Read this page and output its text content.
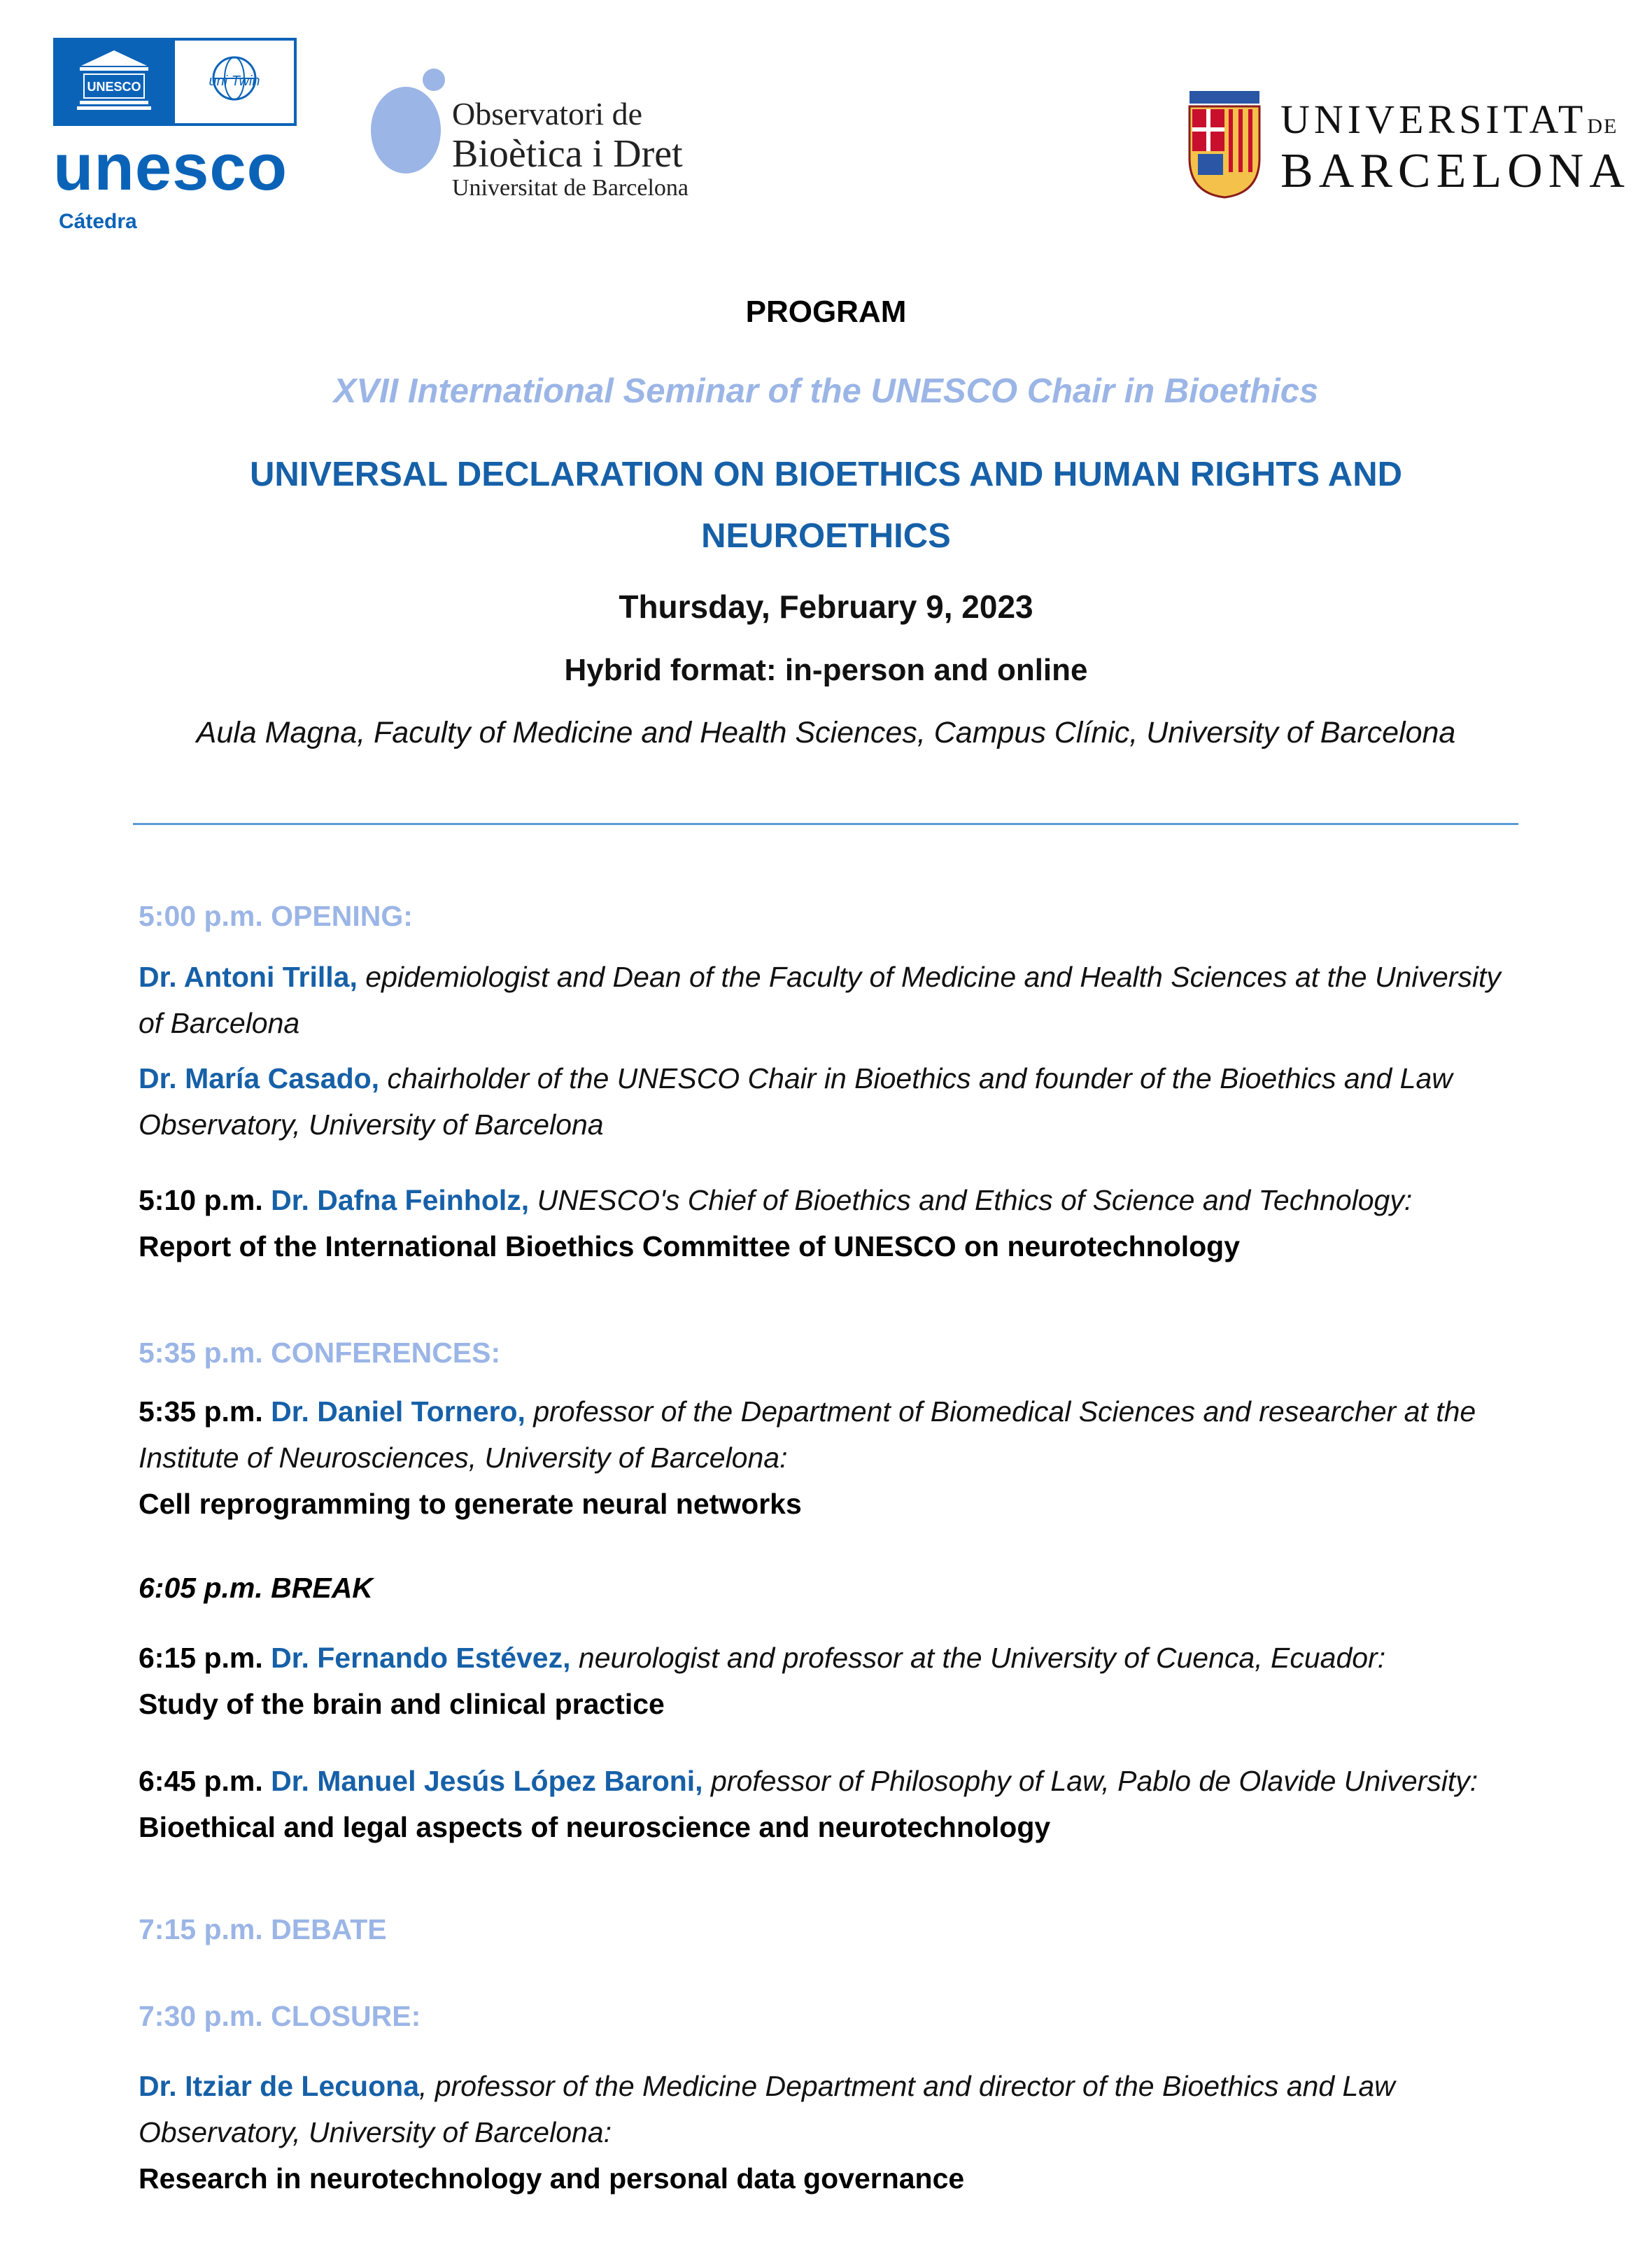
UNESCO	uni Twin
unesco
Cátedra
Observatori de
Bioètica i Dret
Universitat de Barcelona
UNIVERSITATDE
BARCELONA
PROGRAM
XVII International Seminar of the UNESCO Chair in Bioethics
UNIVERSAL DECLARATION ON BIOETHICS AND HUMAN RIGHTS AND
NEUROETHICS
Thursday, February 9, 2023
Hybrid format: in-person and online
Aula Magna, Faculty of Medicine and Health Sciences, Campus Clínic, University of Barcelona
5:00 p.m. OPENING:
Dr. Antoni Trilla, epidemiologist and Dean of the Faculty of Medicine and Health Sciences at the University of Barcelona
Dr. María Casado, chairholder of the UNESCO Chair in Bioethics and founder of the Bioethics and Law Observatory, University of Barcelona
5:10 p.m. Dr. Dafna Feinholz, UNESCO's Chief of Bioethics and Ethics of Science and Technology:
Report of the International Bioethics Committee of UNESCO on neurotechnology
5:35 p.m. CONFERENCES:
5:35 p.m. Dr. Daniel Tornero, professor of the Department of Biomedical Sciences and researcher at the Institute of Neurosciences, University of Barcelona:
Cell reprogramming to generate neural networks
6:05 p.m. BREAK
6:15 p.m. Dr. Fernando Estévez, neurologist and professor at the University of Cuenca, Ecuador:
Study of the brain and clinical practice
6:45 p.m. Dr. Manuel Jesús López Baroni, professor of Philosophy of Law, Pablo de Olavide University:
Bioethical and legal aspects of neuroscience and neurotechnology
7:15 p.m. DEBATE
7:30 p.m. CLOSURE:
Dr. Itziar de Lecuona, professor of the Medicine Department and director of the Bioethics and Law Observatory, University of Barcelona:
Research in neurotechnology and personal data governance
